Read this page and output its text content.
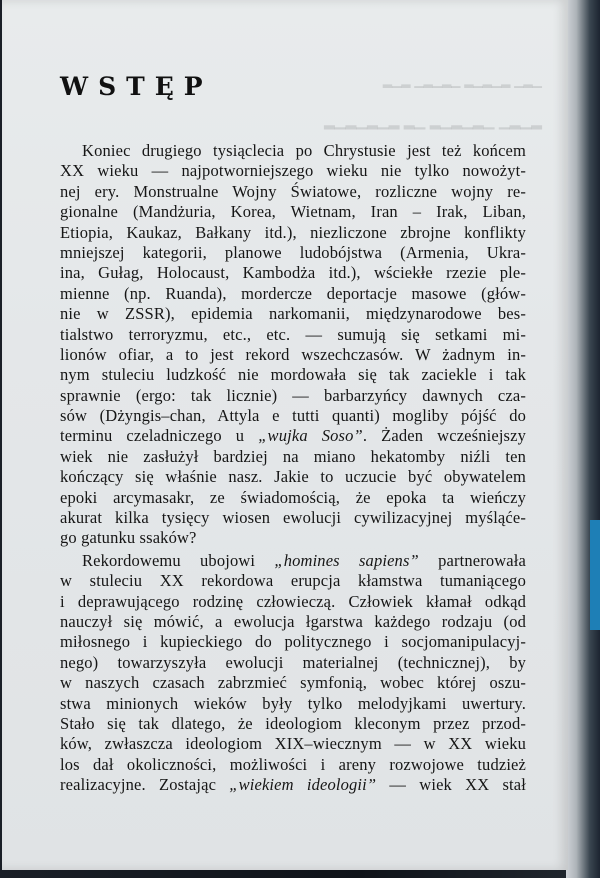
▁▂▁ ▂▁▂▁▂ ▁▂▁▂▁ ▂▁▂
▂▁▂▁ ▁▂▁▂▁▂ ▁▂ ▂▁▂▁▂▁▂
WSTĘP
Koniec drugiego tysiąclecia po Chrystusie jest też końcem
XX wieku — najpotworniejszego wieku nie tylko nowożyt-
nej ery. Monstrualne Wojny Światowe, rozliczne wojny re-
gionalne (Mandżuria, Korea, Wietnam, Iran – Irak, Liban,
Etiopia, Kaukaz, Bałkany itd.), niezliczone zbrojne konflikty
mniejszej kategorii, planowe ludobójstwa (Armenia, Ukra-
ina, Gułag, Holocaust, Kambodża itd.), wściekłe rzezie ple-
mienne (np. Ruanda), mordercze deportacje masowe (głów-
nie w ZSSR), epidemia narkomanii, międzynarodowe bes-
tialstwo terroryzmu, etc., etc. — sumują się setkami mi-
lionów ofiar, a to jest rekord wszechczasów. W żadnym in-
nym stuleciu ludzkość nie mordowała się tak zaciekle i tak
sprawnie (ergo: tak licznie) — barbarzyńcy dawnych cza-
sów (Dżyngis–chan, Attyla e tutti quanti) mogliby pójść do
terminu czeladniczego u „wujka Soso”. Żaden wcześniejszy
wiek nie zasłużył bardziej na miano hekatomby niźli ten
kończący się właśnie nasz. Jakie to uczucie być obywatelem
epoki arcymasakr, ze świadomością, że epoka ta wieńczy
akurat kilka tysięcy wiosen ewolucji cywilizacyjnej myśląće-
go gatunku ssaków?
Rekordowemu ubojowi „homines sapiens” partnerowała
w stuleciu XX rekordowa erupcja kłamstwa tumaniącego
i deprawującego rodzinę człowieczą. Człowiek kłamał odkąd
nauczył się mówić, a ewolucja łgarstwa każdego rodzaju (od
miłosnego i kupieckiego do politycznego i socjomanipulacyj-
nego) towarzyszyła ewolucji materialnej (technicznej), by
w naszych czasach zabrzmieć symfonią, wobec której oszu-
stwa minionych wieków były tylko melodyjkami uwertury.
Stało się tak dlatego, że ideologiom kleconym przez przod-
ków, zwłaszcza ideologiom XIX–wiecznym — w XX wieku
los dał okoliczności, możliwości i areny rozwojowe tudzież
realizacyjne. Zostając „wiekiem ideologii” — wiek XX stał
